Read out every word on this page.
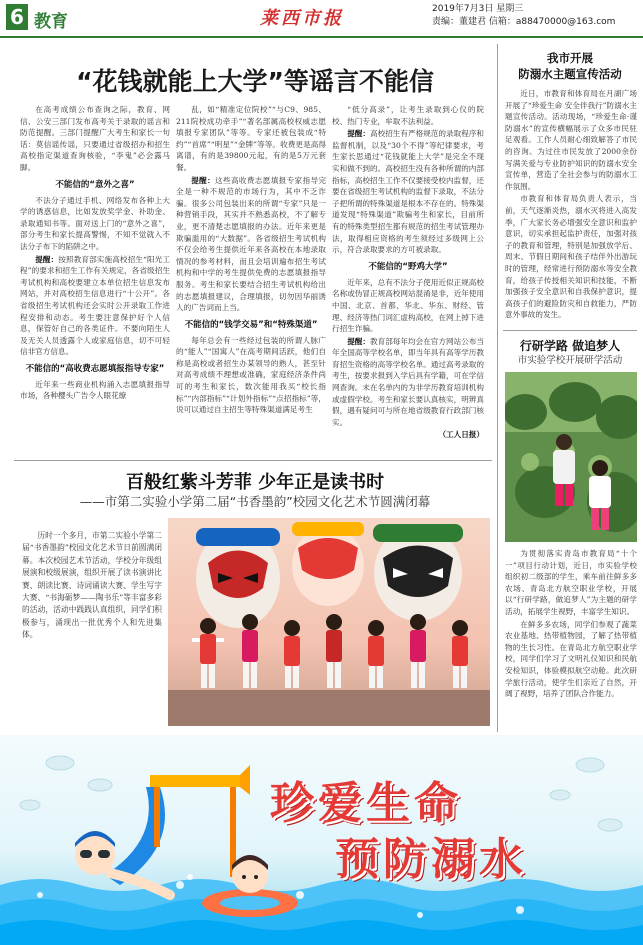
6 教育	莱西市报	2019年7月3日 星期三
责编：董建君 信箱：a88470000@163.com
“花钱就能上大学”等谣言不能信

在高考成绩公布查询之际，教育、网信、公安三部门发布高考关于录取的谣言和防范提醒。三部门提醒广大考生和家长一句话：莫信谣传谣，只要通过省级招办和招生高校指定渠道查询核验，“李鬼”必会露马脚。

不能信的“意外之喜”

不法分子通过手机、网络发布各种上大学的诱惑信息，比如发放奖学金、补助金、录取通知书等。面对送上门的“意外之喜”，部分考生和家长提高警惕，不知不觉就入不法分子布下的陷阱之中。

提醒：按照教育部实施高校招生“阳光工程”的要求和招生工作有关规定，各省级招生考试机构和高校要建立本单位招生信息发布网站，并对高校招生信息进行“十公开”。各省级招生考试机构还会实时公开录取工作进程安排和动态。考生要注意保护好个人信息，保管好自己的各类证件。不要向陌生人及无关人员透露个人或家庭信息，切不可轻信非官方信息。

不能信的“高收费志愿填报指导专家”

近年来一些商业机构涌入志愿填报指导市场，各种樱头广告令人眼花缭

乱，如“精准定位院校”“与C9、985、211院校成功牵手”“著名部属高校权威志愿填报专家团队”等等。专家还被包装成“特约”“首席”“明星”“金牌”等等。收费更是高得离谱，有的是39800元起，有的是5万元套餐。

提醒：这些高收费志愿填报专家指导完全是一种不规范的市场行为，其中不乏诈骗。很多公司包装出来的所谓“专家”只是一种营销手段，其实并不熟悉高校，不了解专业，更不清楚志愿填报的办法。近年来更是欺骗滥用的“大数据”。各省级招生考试机构不仅会给考生提供近年来各高校在本地录取情况的参考材料，而且会培训遍布招生考试机构和中学的考生提供免费的志愿填报指导服务。考生和家长要结合招生考试机构给出的志愿填报建议，合理填报，切勿因华丽诱人的广告词而上当。

不能信的“钱学交易”和“特殊渠道”

每年总会有一些经过包装的所谓人脉广的“能人”“国寓人”在高考期间活跃，他们自称是高校或者招生办某领导的熟人，甚至针对高考成绩不理想或准确，家庭经济条件尚可的考生和家长，数次能用我买“校长指标”“内部指标”“计划外指标”“点招指标”等，说可以通过自主招生等特殊渠道满足考生

“低分高录”，让考生录取到心仪的院校、热门专业，牟取不法利益。

提醒：高校招生有严格规范的录取程序和监督机制，以及“30个不得”等纪律要求，考生家长思通过“花钱就能上大学”是完全不现实和做不到的。高校招生没有各种所谓的内部指标，高校招生工作不仅要接受校内监督，还要在省级招生考试机构的监督下录取，不法分子把所谓的特殊渠道是根本不存在的。特殊渠道发现“特殊渠道”欺骗考生和家长，目前所有的特殊类型招生都有规范的招生考试管理办法，取得相应资格的考生须经过多级网上公示，符合录取要求的方可被录取。

不能信的“野鸡大学”

近年来，总有不法分子使用近似正规高校名称或伪冒正规高校网站混淆是非，近年使用中国、北京、首都、华北、华东、财经、管理、经济等热门词汇虚构高校，在网上掉下进行招生诈骗。

提醒：教育部每年均会在官方网站公布当年全国高等学校名单，即当年具有高等学历教育招生资格的高等学校名单。通过高考录取的考生，按要求报到入学后具有学籍，可在学信网查询。未在名单内的为非学历教育培训机构或虚假学校。考生和家长要认真核实，明辨真假，遇有疑问可与所在地省级教育行政部门核实。

（工人日报）
我市开展
防溺水主题宣传活动

近日，市教育和体育局在月湖广场开展了“珍爱生命 安全伴我行”防溺水主题宣传活动。活动现场，“珍爱生命·谨防溺水”的宣传横幅展示了众多市民驻足观看。工作人员耐心细致解答了市民的咨询。为过往市民发放了2000余份写满关爱与专业防护知识的防溺水安全宣传单，营造了全社会参与的防溺水工作氛围。

市教育和体育局负责人表示，当前，天气逐渐炎热，溺水灭将进入高发季，广大家长务必增强安全意识和监护意识，切实承担起监护责任，加强对孩子的教育和管理，特别是加强放学后、周末、节假日期间和孩子结伴外出游玩时的管理，经常进行预防溺水等安全教育，给孩子传授相关知识和技能，不断加强孩子安全意识和自我保护意识，提高孩子们的避险防灾和自救能力，严防意外事故的发生。

行研学路 做追梦人
市实验学校开展研学活动

为贯彻落实青岛市教育局“十个一”项目行动计划，近日，市实验学校组织初二级部的学生，乘车前往鲜多多农场、青岛北方航空职业学校，开展以“行研学路，做追梦人”为主题的研学活动，拓展学生视野，丰富学生知识。

在鲜多多农场，同学们参观了蔬菜农业基地、热带植物园，了解了热带植物的生长习性。在青岛北方航空职业学校，同学们学习了文明礼仪知识和民航安检知识，体验模拟航空动舱。此次研学旅行活动，使学生们亲近了自然，开阔了视野，培养了团队合作能力。

百般红紫斗芳菲 少年正是读书时
——市第二实验小学第二届“书香墨韵”校园文化艺术节圆满闭幕

历时一个多月，市第二实验小学第二届“书香墨韵”校园文化艺术节日前圆满闭幕。本次校园艺术节活动，学校分年级组展演和校级展演，组织开展了读书演讲比赛、朗读比赛、诗词诵读大赛、学生写字大赛、“书海砺梦——陶书乐”等丰富多彩的活动，活动中践践认真组织，同学们积极参与，涌现出一批优秀个人和先进集体。

珍爱生命
预防溺水
